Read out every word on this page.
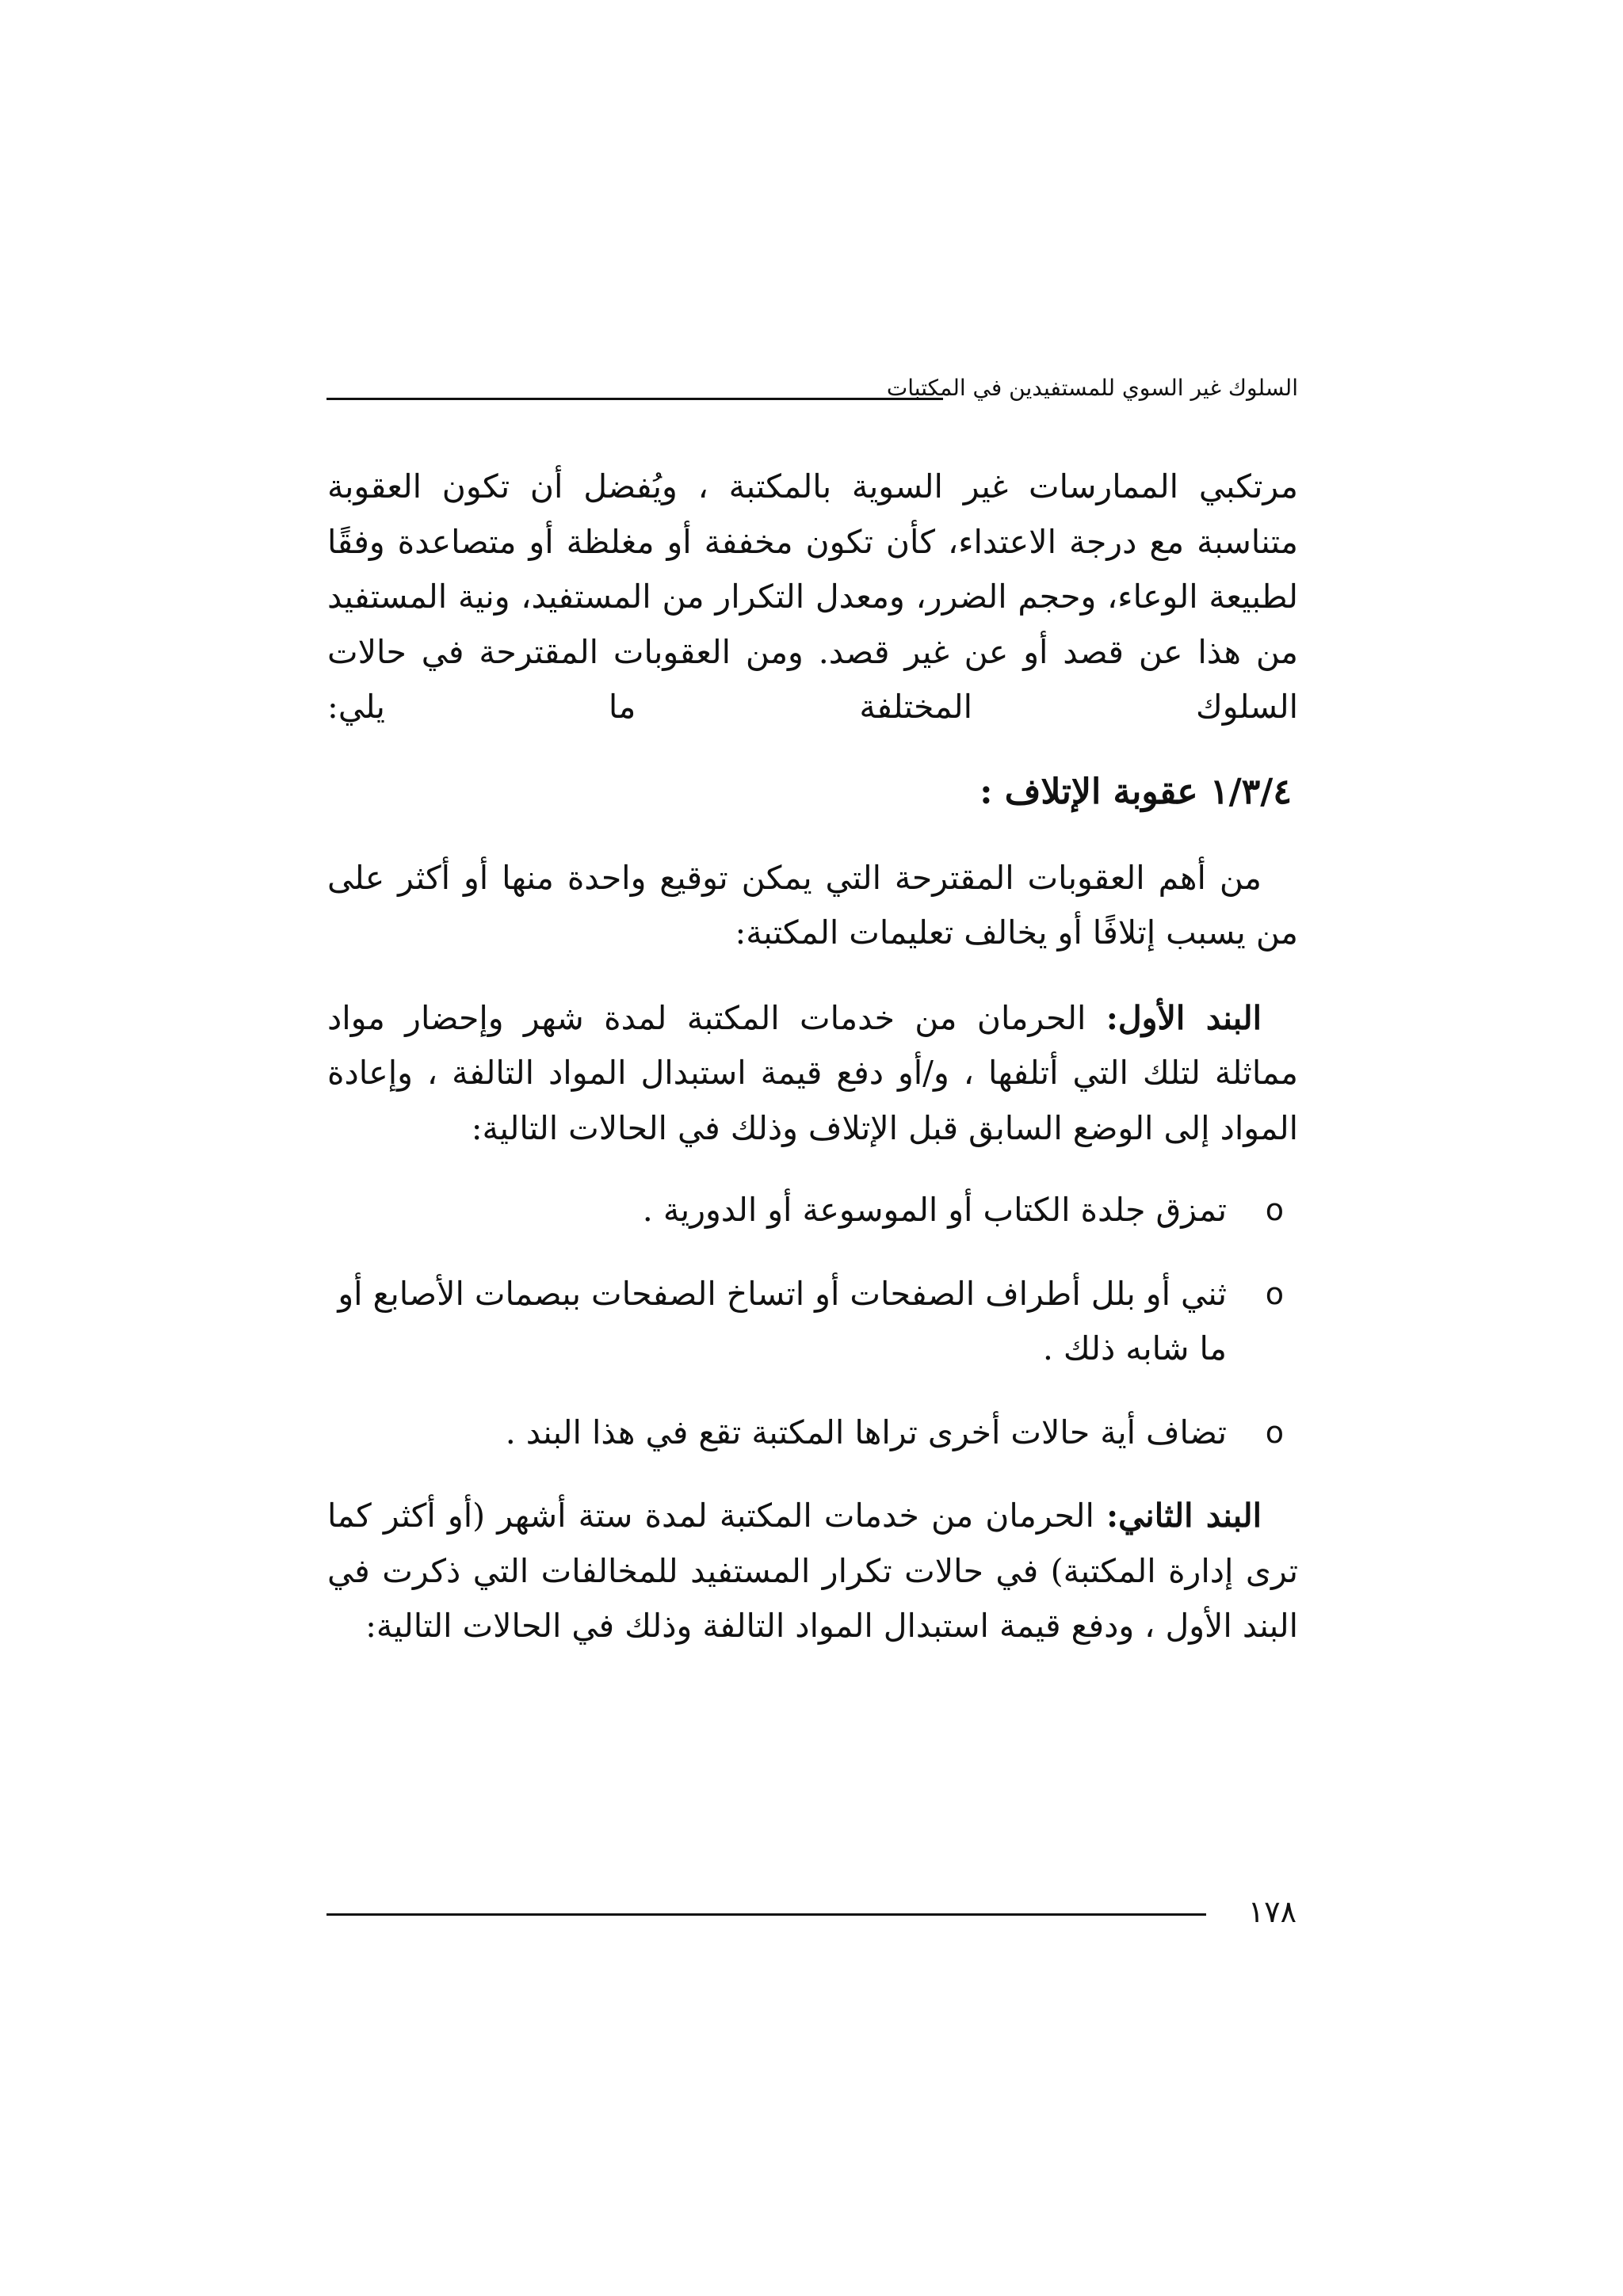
السلوك غير السوي للمستفيدين في المكتبات

مرتكبي الممارسات غير السوية بالمكتبة ، ويُفضل أن تكون العقوبة متناسبة مع درجة الاعتداء، كأن تكون مخففة أو مغلظة أو متصاعدة وفقًا لطبيعة الوعاء، وحجم الضرر، ومعدل التكرار من المستفيد، ونية المستفيد من هذا عن قصد أو عن غير قصد. ومن العقوبات المقترحة في حالات السلوك المختلفة ما يلي:

١/٣/٤ عقوبة الإتلاف :

من أهم العقوبات المقترحة التي يمكن توقيع واحدة منها أو أكثر على من يسبب إتلافًا أو يخالف تعليمات المكتبة:

البند الأول: الحرمان من خدمات المكتبة لمدة شهر وإحضار مواد مماثلة لتلك التي أتلفها ، و/أو دفع قيمة استبدال المواد التالفة ، وإعادة المواد إلى الوضع السابق قبل الإتلاف وذلك في الحالات التالية:

o
تمزق جلدة الكتاب أو الموسوعة أو الدورية .
o
ثني أو بلل أطراف الصفحات أو اتساخ الصفحات ببصمات الأصابع أو ما شابه ذلك .
o
تضاف أية حالات أخرى تراها المكتبة تقع في هذا البند .

البند الثاني: الحرمان من خدمات المكتبة لمدة ستة أشهر (أو أكثر كما ترى إدارة المكتبة) في حالات تكرار المستفيد للمخالفات التي ذكرت في البند الأول ، ودفع قيمة استبدال المواد التالفة وذلك في الحالات التالية:

١٧٨
